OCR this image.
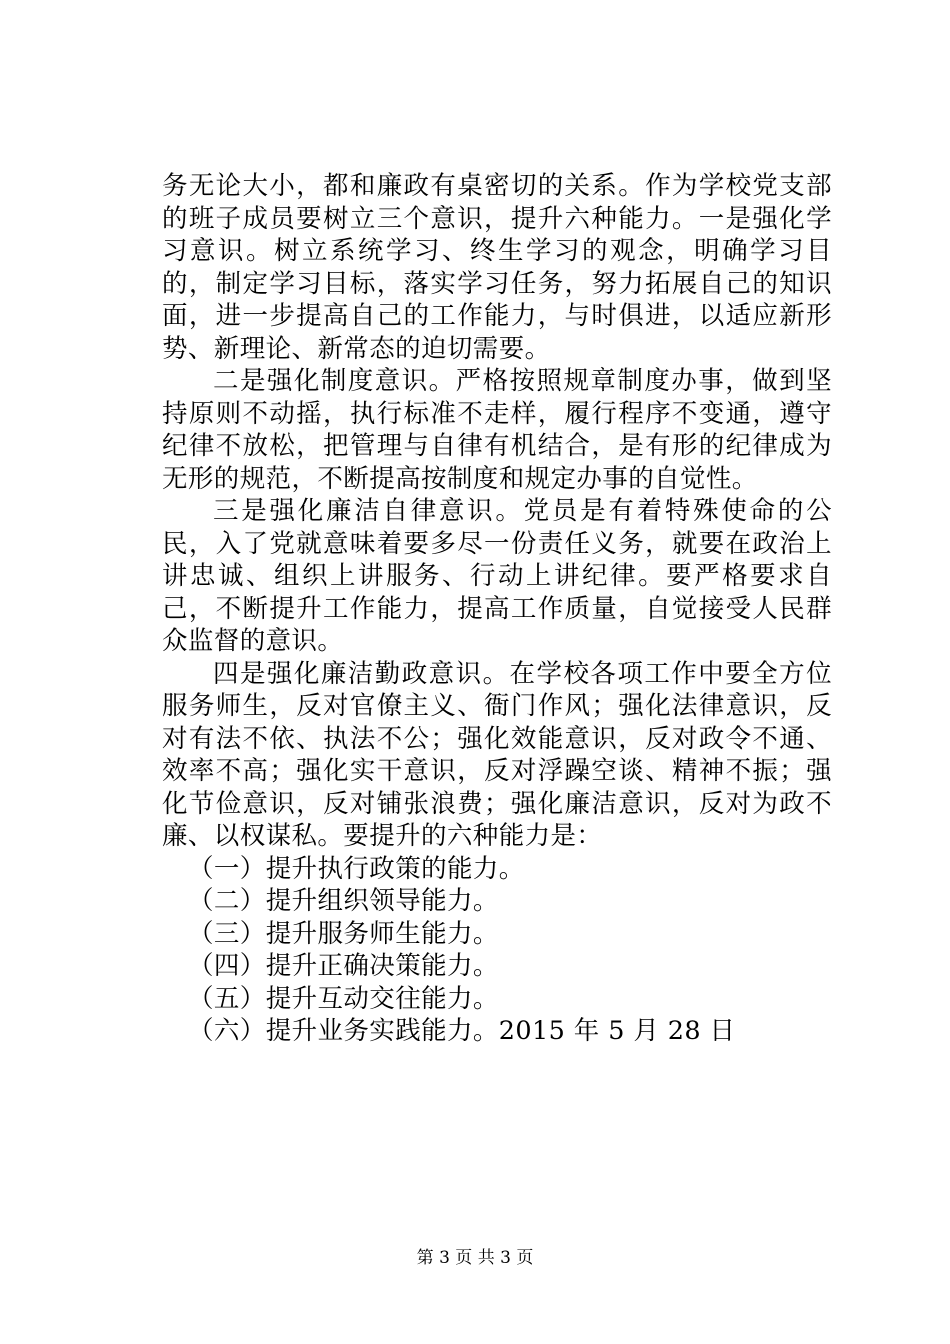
务无论大小，都和廉政有桌密切的关系。作为学校党支部的班子成员要树立三个意识，提升六种能力。一是强化学习意识。树立系统学习、终生学习的观念，明确学习目的，制定学习目标，落实学习任务，努力拓展自己的知识面，进一步提高自己的工作能力，与时俱进，以适应新形势、新理论、新常态的迫切需要。

二是强化制度意识。严格按照规章制度办事，做到坚持原则不动摇，执行标准不走样，履行程序不变通，遵守纪律不放松，把管理与自律有机结合，是有形的纪律成为无形的规范，不断提高按制度和规定办事的自觉性。

三是强化廉洁自律意识。党员是有着特殊使命的公民，入了党就意味着要多尽一份责任义务，就要在政治上讲忠诚、组织上讲服务、行动上讲纪律。要严格要求自己，不断提升工作能力，提高工作质量，自觉接受人民群众监督的意识。

四是强化廉洁勤政意识。在学校各项工作中要全方位服务师生，反对官僚主义、衙门作风；强化法律意识，反对有法不依、执法不公；强化效能意识，反对政令不通、效率不高；强化实干意识，反对浮躁空谈、精神不振；强化节俭意识，反对铺张浪费；强化廉洁意识，反对为政不廉、以权谋私。要提升的六种能力是：

（一）提升执行政策的能力。

（二）提升组织领导能力。

（三）提升服务师生能力。

（四）提升正确决策能力。

（五）提升互动交往能力。

（六）提升业务实践能力。2015 年 5 月 28 日

第 3 页 共 3 页
